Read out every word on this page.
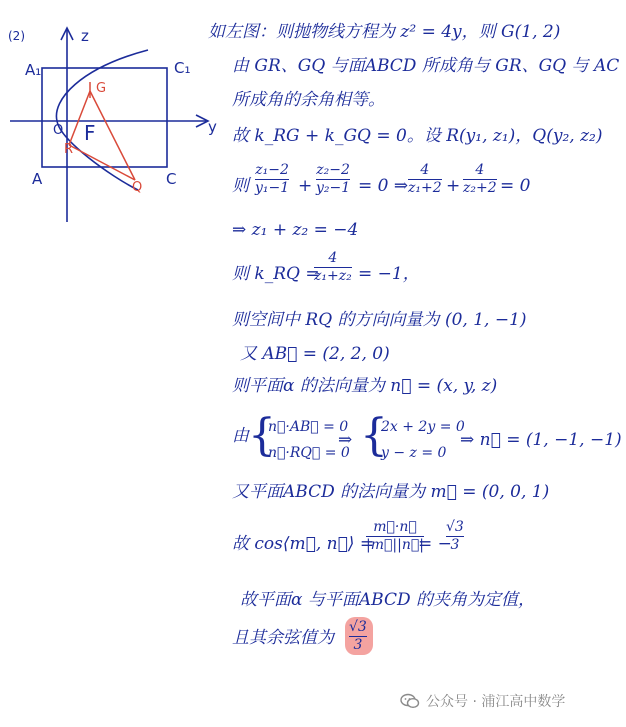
(2)	z
y
A₁	C₁
A	C
O F
G
R
Q
如左图：则抛物线方程为 z² = 4y，则 G(1, 2)
由 GR、GQ 与面ABCD 所成角与 GR、GQ 与 AC
所成角的余角相等。
故 k_RG + k_GQ = 0。设 R(y₁, z₁)，Q(y₂, z₂)
则
z₁−2
y₁−1 +
z₂−2
y₂−1 = 0 ⇒
4
z₁+2 +
4
z₂+2 = 0
⇒ z₁ + z₂ = −4
则 k_RQ =
4
z₁+z₂ = −1，
则空间中 RQ 的方向向量为 (0, 1, −1)
又 AB⃗ = (2, 2, 0)
则平面α 的法向量为 n⃗ = (x, y, z)
由 {
n⃗·AB⃗ = 0
n⃗·RQ⃗ = 0
⇒ {
2x + 2y = 0
y − z = 0
⇒ n⃗ = (1, −1, −1)
又平面ABCD 的法向量为 m⃗ = (0, 0, 1)
故 cos⟨m⃗, n⃗⟩ =
m⃗·n⃗
|m⃗||n⃗|
= −
√3
3
故平面α 与平面ABCD 的夹角为定值，
且其余弦值为
√3
3
公众号 · 浦江高中数学
